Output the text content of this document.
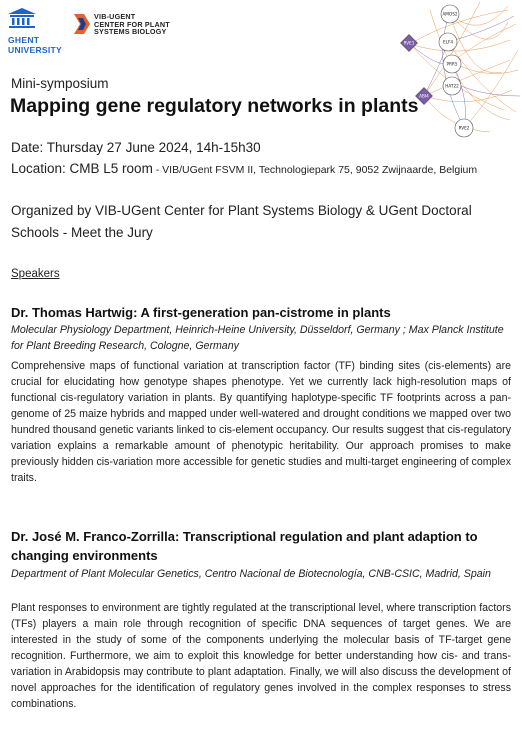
GHENT
UNIVERSITY
VIB-UGENT
CENTER FOR PLANT
SYSTEMS BIOLOGY
AMOS2
ELF4
PRR5
HAT22
RVE2
ABI4
RVE1
Mini-symposium
Mapping gene regulatory networks in plants
Date: Thursday 27 June 2024, 14h-15h30
Location: CMB L5 room - VIB/UGent FSVM II, Technologiepark 75, 9052 Zwijnaarde, Belgium
Organized by VIB-UGent Center for Plant Systems Biology & UGent Doctoral Schools - Meet the Jury
Speakers
Dr. Thomas Hartwig: A first-generation pan-cistrome in plants
Molecular Physiology Department, Heinrich-Heine University, Düsseldorf, Germany ; Max Planck Institute for Plant Breeding Research, Cologne, Germany
Comprehensive maps of functional variation at transcription factor (TF) binding sites (cis-elements) are crucial for elucidating how genotype shapes phenotype. Yet we currently lack high-resolution maps of functional cis-regulatory variation in plants. By quantifying haplotype-specific TF footprints across a pan-genome of 25 maize hybrids and mapped under well-watered and drought conditions we mapped over two hundred thousand genetic variants linked to cis-element occupancy. Our results suggest that cis-regulatory variation explains a remarkable amount of phenotypic heritability. Our approach promises to make previously hidden cis-variation more accessible for genetic studies and multi-target engineering of complex traits.
Dr. José M. Franco-Zorrilla: Transcriptional regulation and plant adaption to changing environments
Department of Plant Molecular Genetics, Centro Nacional de Biotecnología, CNB-CSIC, Madrid, Spain
Plant responses to environment are tightly regulated at the transcriptional level, where transcription factors (TFs) players a main role through recognition of specific DNA sequences of target genes. We are interested in the study of some of the components underlying the molecular basis of TF-target gene recognition. Furthermore, we aim to exploit this knowledge for better understanding how cis- and trans-variation in Arabidopsis may contribute to plant adaptation. Finally, we will also discuss the development of novel approaches for the identification of regulatory genes involved in the complex responses to stress combinations.
